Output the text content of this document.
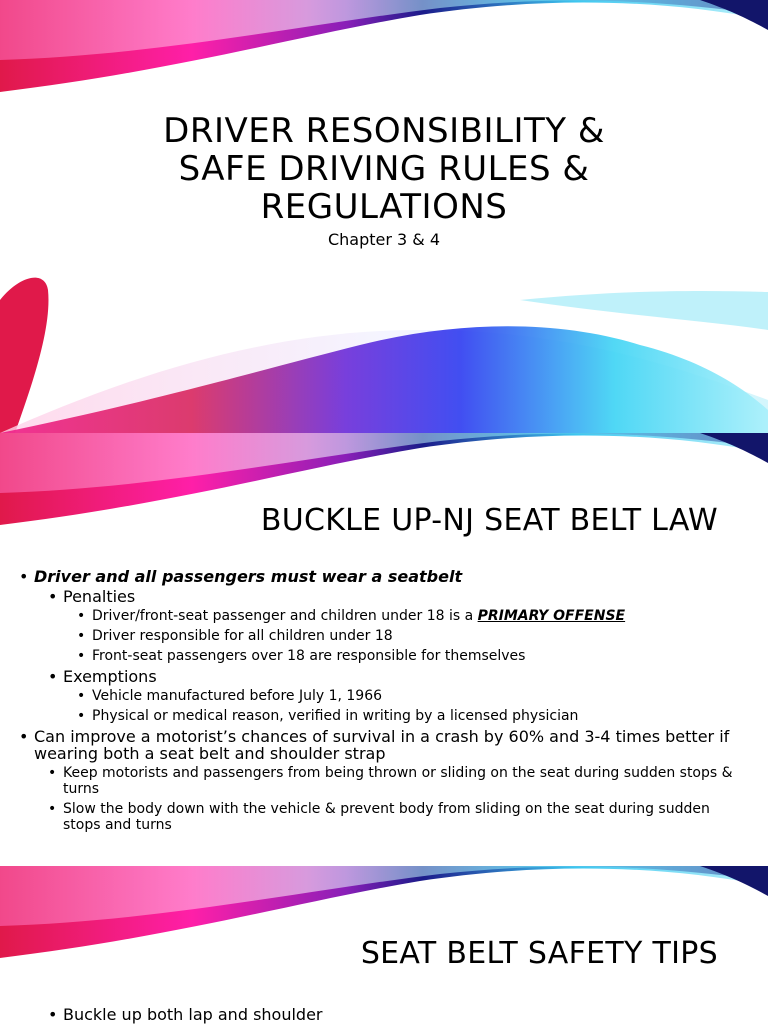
DRIVER RESONSIBILITY &
SAFE DRIVING RULES &
REGULATIONS
Chapter 3 & 4
BUCKLE UP-NJ SEAT BELT LAW
• Driver and all passengers must wear a seatbelt
• Penalties
• Driver/front-seat passenger and children under 18 is a PRIMARY OFFENSE
• Driver responsible for all children under 18
• Front-seat passengers over 18 are responsible for themselves
• Exemptions
• Vehicle manufactured before July 1, 1966
• Physical or medical reason, verified in writing by a licensed physician
• Can improve a motorist’s chances of survival in a crash by 60% and 3-4 times better if wearing both a seat belt and shoulder strap
• Keep motorists and passengers from being thrown or sliding on the seat during sudden stops & turns
• Slow the body down with the vehicle & prevent body from sliding on the seat during sudden stops and turns
SEAT BELT SAFETY TIPS
• Buckle up both lap and shoulder
